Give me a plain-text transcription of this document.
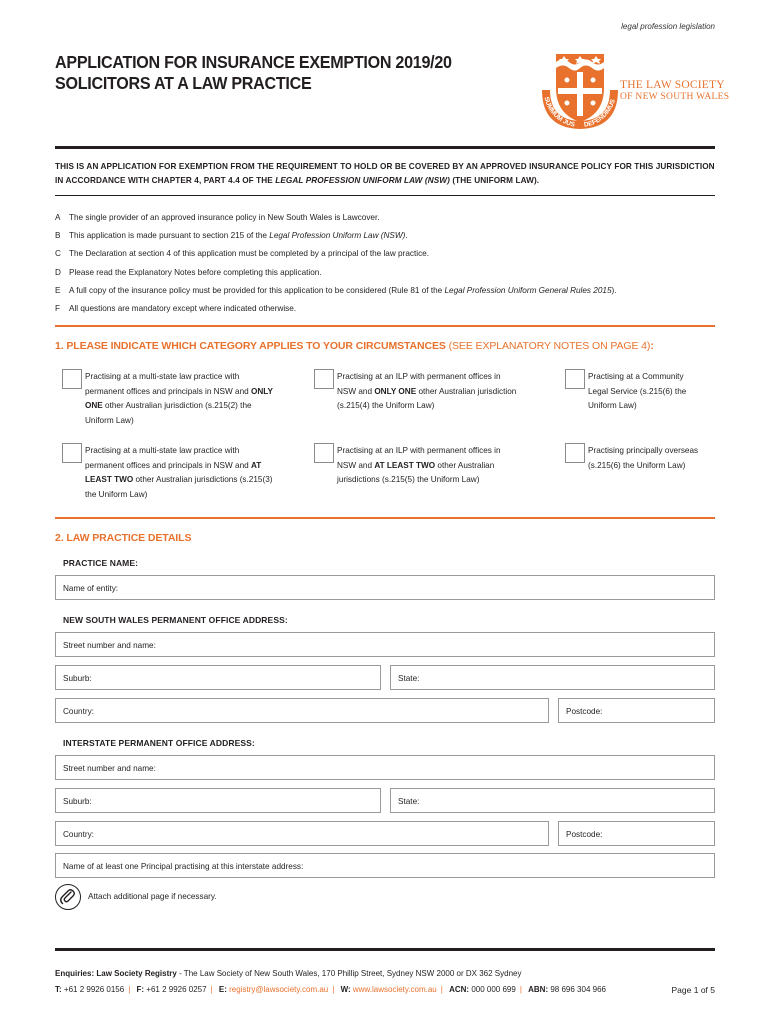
legal profession legislation
APPLICATION FOR INSURANCE EXEMPTION 2019/20
SOLICITORS AT A LAW PRACTICE
SUMMUM JUS DEFENDIMUS
THE LAW SOCIETY
OF NEW SOUTH WALES
THIS IS AN APPLICATION FOR EXEMPTION FROM THE REQUIREMENT TO HOLD OR BE COVERED BY AN APPROVED INSURANCE POLICY FOR THIS JURISDICTION IN ACCORDANCE WITH CHAPTER 4, PART 4.4 OF THE LEGAL PROFESSION UNIFORM LAW (NSW) (THE UNIFORM LAW).
A	The single provider of an approved insurance policy in New South Wales is Lawcover.
B	This application is made pursuant to section 215 of the Legal Profession Uniform Law (NSW).
C The Declaration at section 4 of this application must be completed by a principal of the law practice.
D Please read the Explanatory Notes before completing this application.
E	A full copy of the insurance policy must be provided for this application to be considered (Rule 81 of the Legal Profession Uniform General Rules 2015).
F	All questions are mandatory except where indicated otherwise.
1. PLEASE INDICATE WHICH CATEGORY APPLIES TO YOUR CIRCUMSTANCES (SEE EXPLANATORY NOTES ON PAGE 4):
Practising at a multi-state law practice with permanent offices and principals in NSW and ONLY ONE other Australian jurisdiction (s.215(2) the Uniform Law)
Practising at an ILP with permanent offices in NSW and ONLY ONE other Australian jurisdiction (s.215(4) the Uniform Law)
Practising at a Community Legal Service (s.215(6) the Uniform Law)
Practising at a multi-state law practice with permanent offices and principals in NSW and AT LEAST TWO other Australian jurisdictions (s.215(3) the Uniform Law)
Practising at an ILP with permanent offices in NSW and AT LEAST TWO other Australian jurisdictions (s.215(5) the Uniform Law)
Practising principally overseas (s.215(6) the Uniform Law)
2. LAW PRACTICE DETAILS
PRACTICE NAME:
Name of entity:
NEW SOUTH WALES PERMANENT OFFICE ADDRESS:
Street number and name:
Suburb:	State:
Country:	Postcode:
INTERSTATE PERMANENT OFFICE ADDRESS:
Street number and name:
Suburb:	State:
Country:	Postcode:
Name of at least one Principal practising at this interstate address:
Attach additional page if necessary.
Enquiries: Law Society Registry - The Law Society of New South Wales, 170 Phillip Street, Sydney NSW 2000 or DX 362 Sydney
T: +61 2 9926 0156 | F: +61 2 9926 0257 | E: registry@lawsociety.com.au | W: www.lawsociety.com.au | ACN: 000 000 699 | ABN: 98 696 304 966	Page 1 of 5
